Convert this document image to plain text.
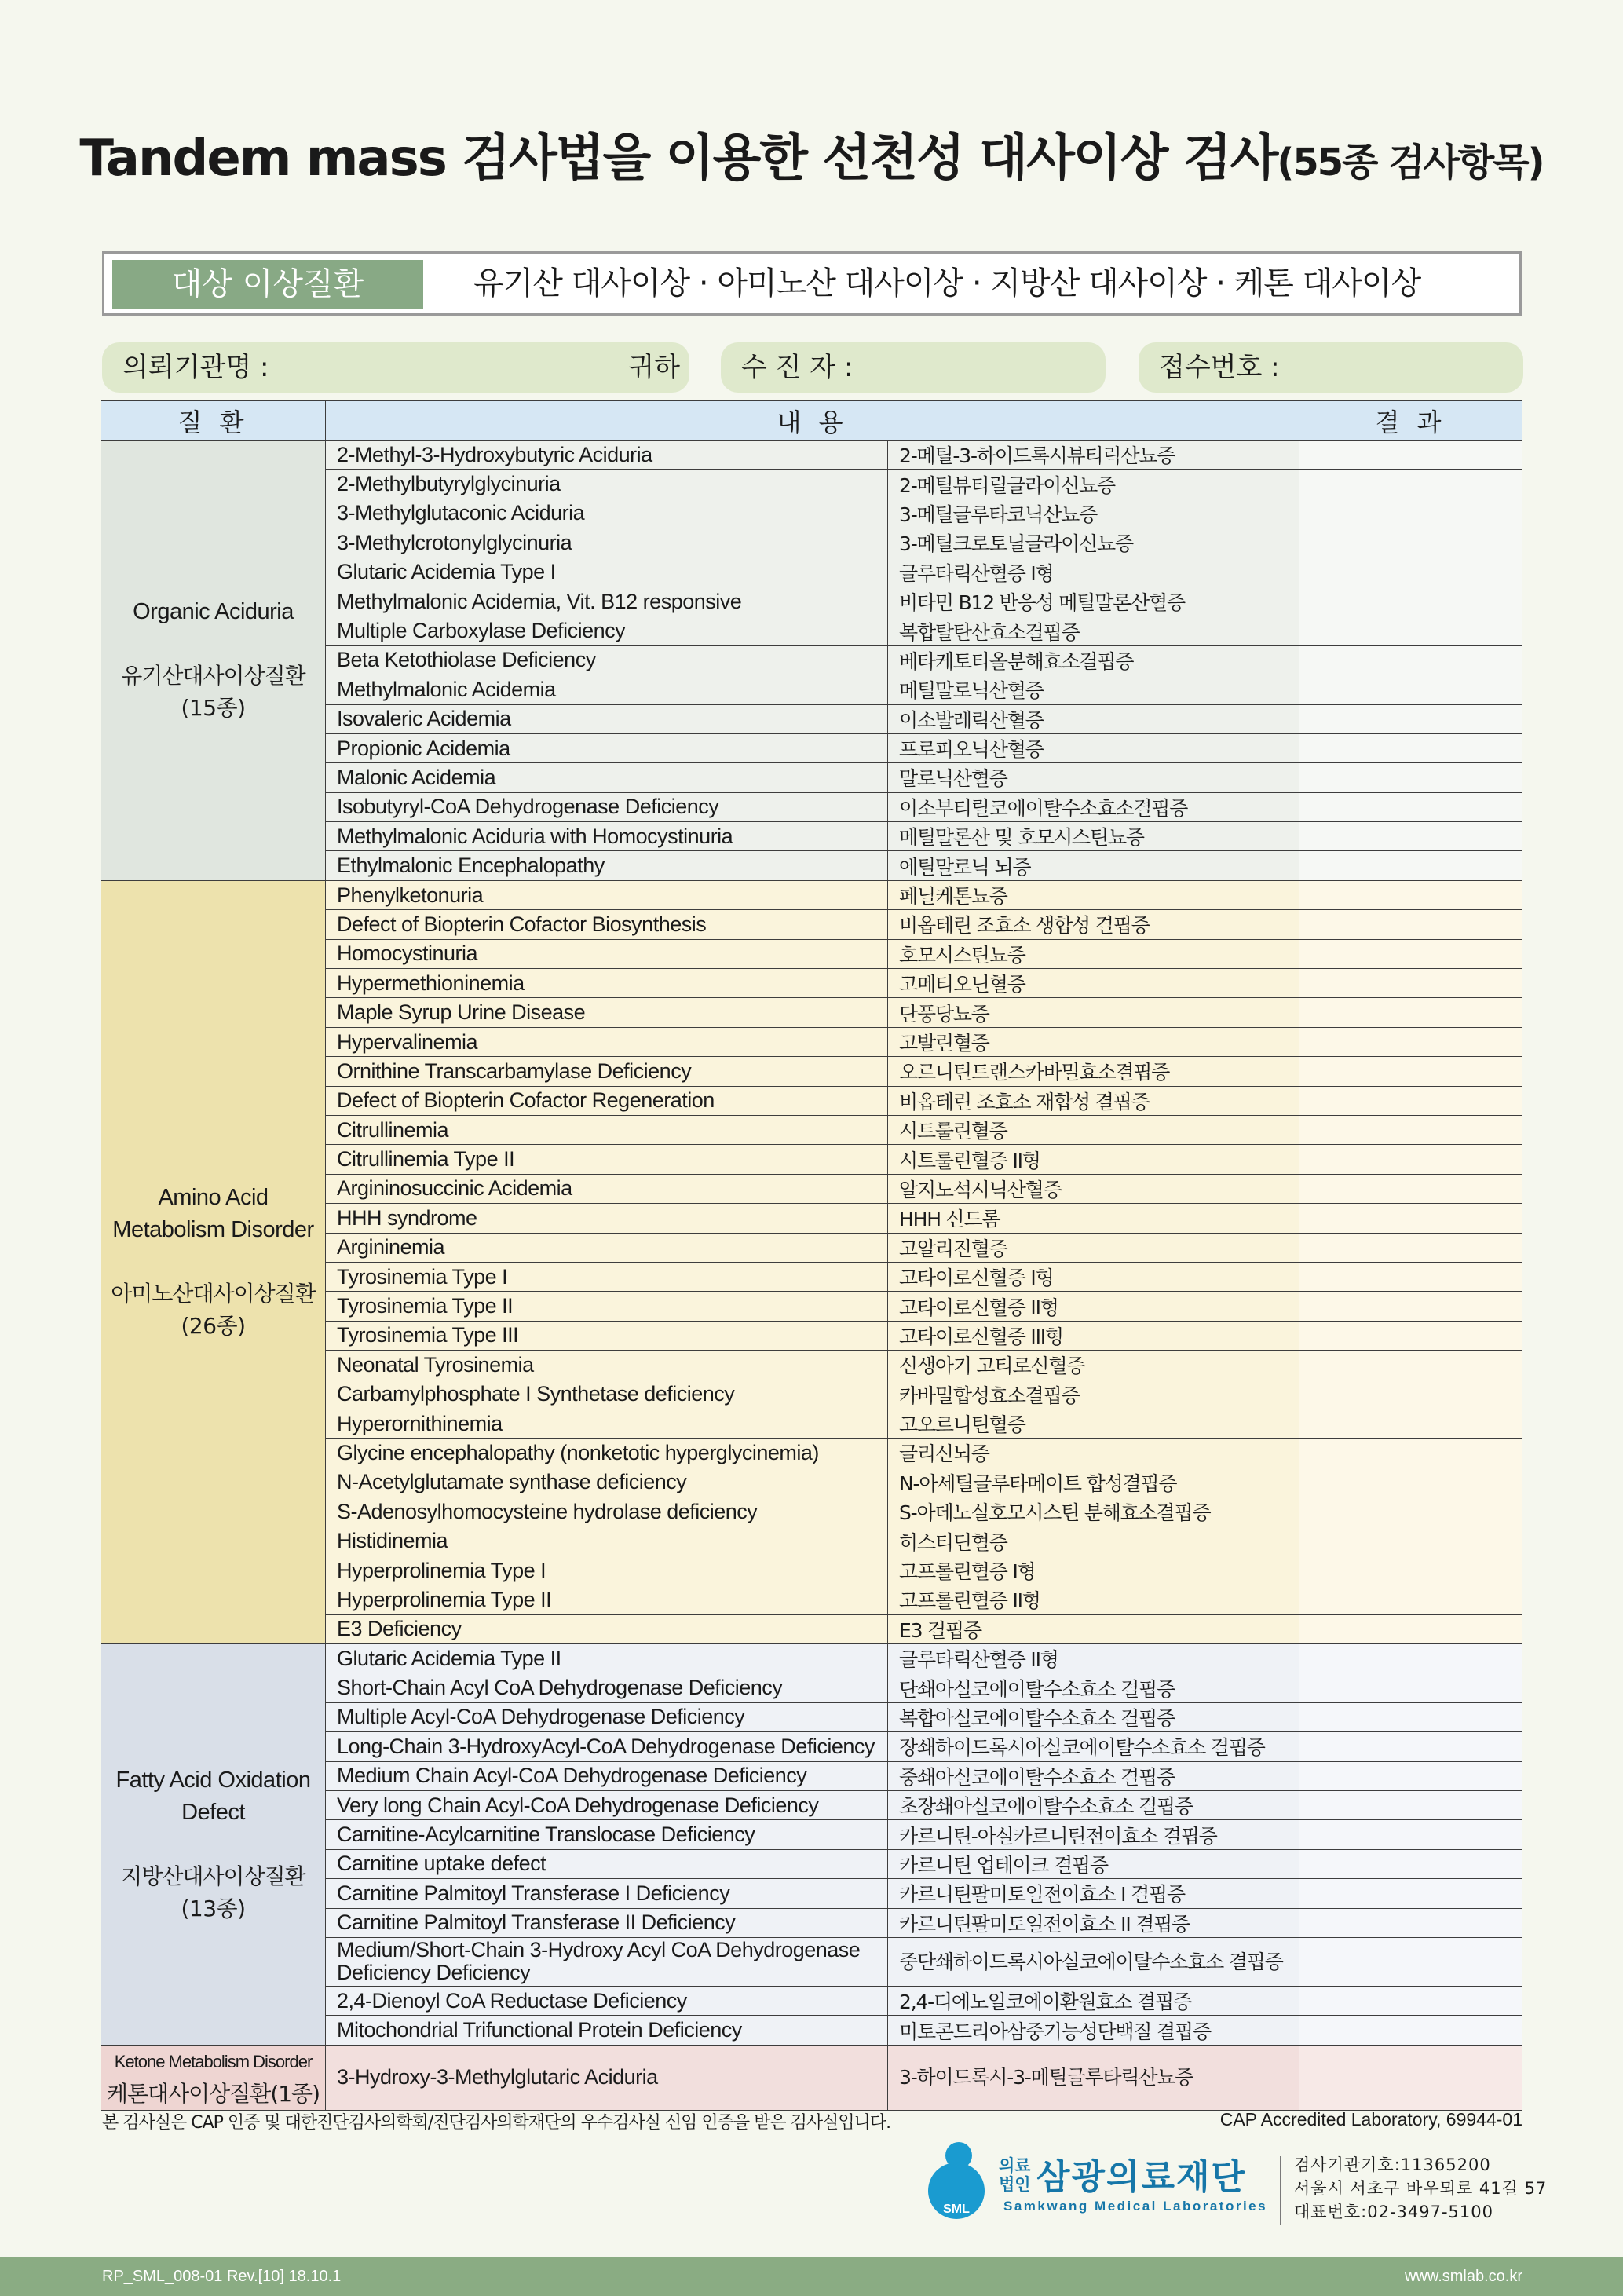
Tandem mass 검사법을 이용한 선천성 대사이상 검사(55종 검사항목)
대상 이상질환	유기산 대사이상 · 아미노산 대사이상 · 지방산 대사이상 · 케톤 대사이상
의뢰기관명 :	귀하 수 진 자 :	접수번호 :
질 환	내 용		결 과

Organic Aciduria
유기산대사이상질환
(15종)	2-Methyl-3-Hydroxybutyric Aciduria	2-메틸-3-하이드록시뷰티릭산뇨증	
	2-Methylbutyrylglycinuria	2-메틸뷰티릴글라이신뇨증	
	3-Methylglutaconic Aciduria	3-메틸글루타코닉산뇨증	
	3-Methylcrotonylglycinuria	3-메틸크로토닐글라이신뇨증	
	Glutaric Acidemia Type I	글루타릭산혈증 I형	
	Methylmalonic Acidemia, Vit. B12 responsive	비타민 B12 반응성 메틸말론산혈증	
	Multiple Carboxylase Deficiency	복합탈탄산효소결핍증	
	Beta Ketothiolase Deficiency	베타케토티올분해효소결핍증	
	Methylmalonic Acidemia	메틸말로닉산혈증	
	Isovaleric Acidemia	이소발레릭산혈증	
	Propionic Acidemia	프로피오닉산혈증	
	Malonic Acidemia	말로닉산혈증	
	Isobutyryl-CoA Dehydrogenase Deficiency	이소부티릴코에이탈수소효소결핍증	
	Methylmalonic Aciduria with Homocystinuria	메틸말론산 및 호모시스틴뇨증	
	Ethylmalonic Encephalopathy	에틸말로닉 뇌증	

Amino Acid Metabolism Disorder
아미노산대사이상질환
(26종)	Phenylketonuria	페닐케톤뇨증	
	Defect of Biopterin Cofactor Biosynthesis	비옵테린 조효소 생합성 결핍증	
	Homocystinuria	호모시스틴뇨증	
	Hypermethioninemia	고메티오닌혈증	
	Maple Syrup Urine Disease	단풍당뇨증	
	Hypervalinemia	고발린혈증	
	Ornithine Transcarbamylase Deficiency	오르니틴트랜스카바밀효소결핍증	
	Defect of Biopterin Cofactor Regeneration	비옵테린 조효소 재합성 결핍증	
	Citrullinemia	시트룰린혈증	
	Citrullinemia Type II	시트룰린혈증 II형	
	Argininosuccinic Acidemia	알지노석시닉산혈증	
	HHH syndrome	HHH 신드롬	
	Argininemia	고알리진혈증	
	Tyrosinemia Type I	고타이로신혈증 I형	
	Tyrosinemia Type II	고타이로신혈증 II형	
	Tyrosinemia Type III	고타이로신혈증 III형	
	Neonatal Tyrosinemia	신생아기 고티로신혈증	
	Carbamylphosphate I Synthetase deficiency	카바밀합성효소결핍증	
	Hyperornithinemia	고오르니틴혈증	
	Glycine encephalopathy (nonketotic hyperglycinemia)	글리신뇌증	
	N-Acetylglutamate synthase deficiency	N-아세틸글루타메이트 합성결핍증	
	S-Adenosylhomocysteine hydrolase deficiency	S-아데노실호모시스틴 분해효소결핍증	
	Histidinemia	히스티딘혈증	
	Hyperprolinemia Type I	고프롤린혈증 I형	
	Hyperprolinemia Type II	고프롤린혈증 II형	
	E3 Deficiency	E3 결핍증	

Fatty Acid Oxidation Defect
지방산대사이상질환
(13종)	Glutaric Acidemia Type II	글루타릭산혈증 II형	
	Short-Chain Acyl CoA Dehydrogenase Deficiency	단쇄아실코에이탈수소효소 결핍증	
	Multiple Acyl-CoA Dehydrogenase Deficiency	복합아실코에이탈수소효소 결핍증	
	Long-Chain 3-HydroxyAcyl-CoA Dehydrogenase Deficiency	장쇄하이드록시아실코에이탈수소효소 결핍증	
	Medium Chain Acyl-CoA Dehydrogenase Deficiency	중쇄아실코에이탈수소효소 결핍증	
	Very long Chain Acyl-CoA Dehydrogenase Deficiency	초장쇄아실코에이탈수소효소 결핍증	
	Carnitine-Acylcarnitine Translocase Deficiency	카르니틴-아실카르니틴전이효소 결핍증	
	Carnitine uptake defect	카르니틴 업테이크 결핍증	
	Carnitine Palmitoyl Transferase I Deficiency	카르니틴팔미토일전이효소 I 결핍증	
	Carnitine Palmitoyl Transferase II Deficiency	카르니틴팔미토일전이효소 II 결핍증	
	Medium/Short-Chain 3-Hydroxy Acyl CoA Dehydrogenase Deficiency Deficiency	중단쇄하이드록시아실코에이탈수소효소 결핍증	
	2,4-Dienoyl CoA Reductase Deficiency	2,4-디에노일코에이환원효소 결핍증	
	Mitochondrial Trifunctional Protein Deficiency	미토콘드리아삼중기능성단백질 결핍증	

Ketone Metabolism Disorder
케톤대사이상질환(1종)	3-Hydroxy-3-Methylglutaric Aciduria	3-하이드록시-3-메틸글루타릭산뇨증	
본 검사실은 CAP 인증 및 대한진단검사의학회/진단검사의학재단의 우수검사실 신임 인증을 받은 검사실입니다.	CAP Accredited Laboratory, 69944-01
SML
의료
법인 삼광의료재단
Samkwang Medical Laboratories
검사기관기호:11365200
서울시 서초구 바우뫼로 41길 57
대표번호:02-3497-5100
RP_SML_008-01 Rev.[10] 18.10.1	www.smlab.co.kr
